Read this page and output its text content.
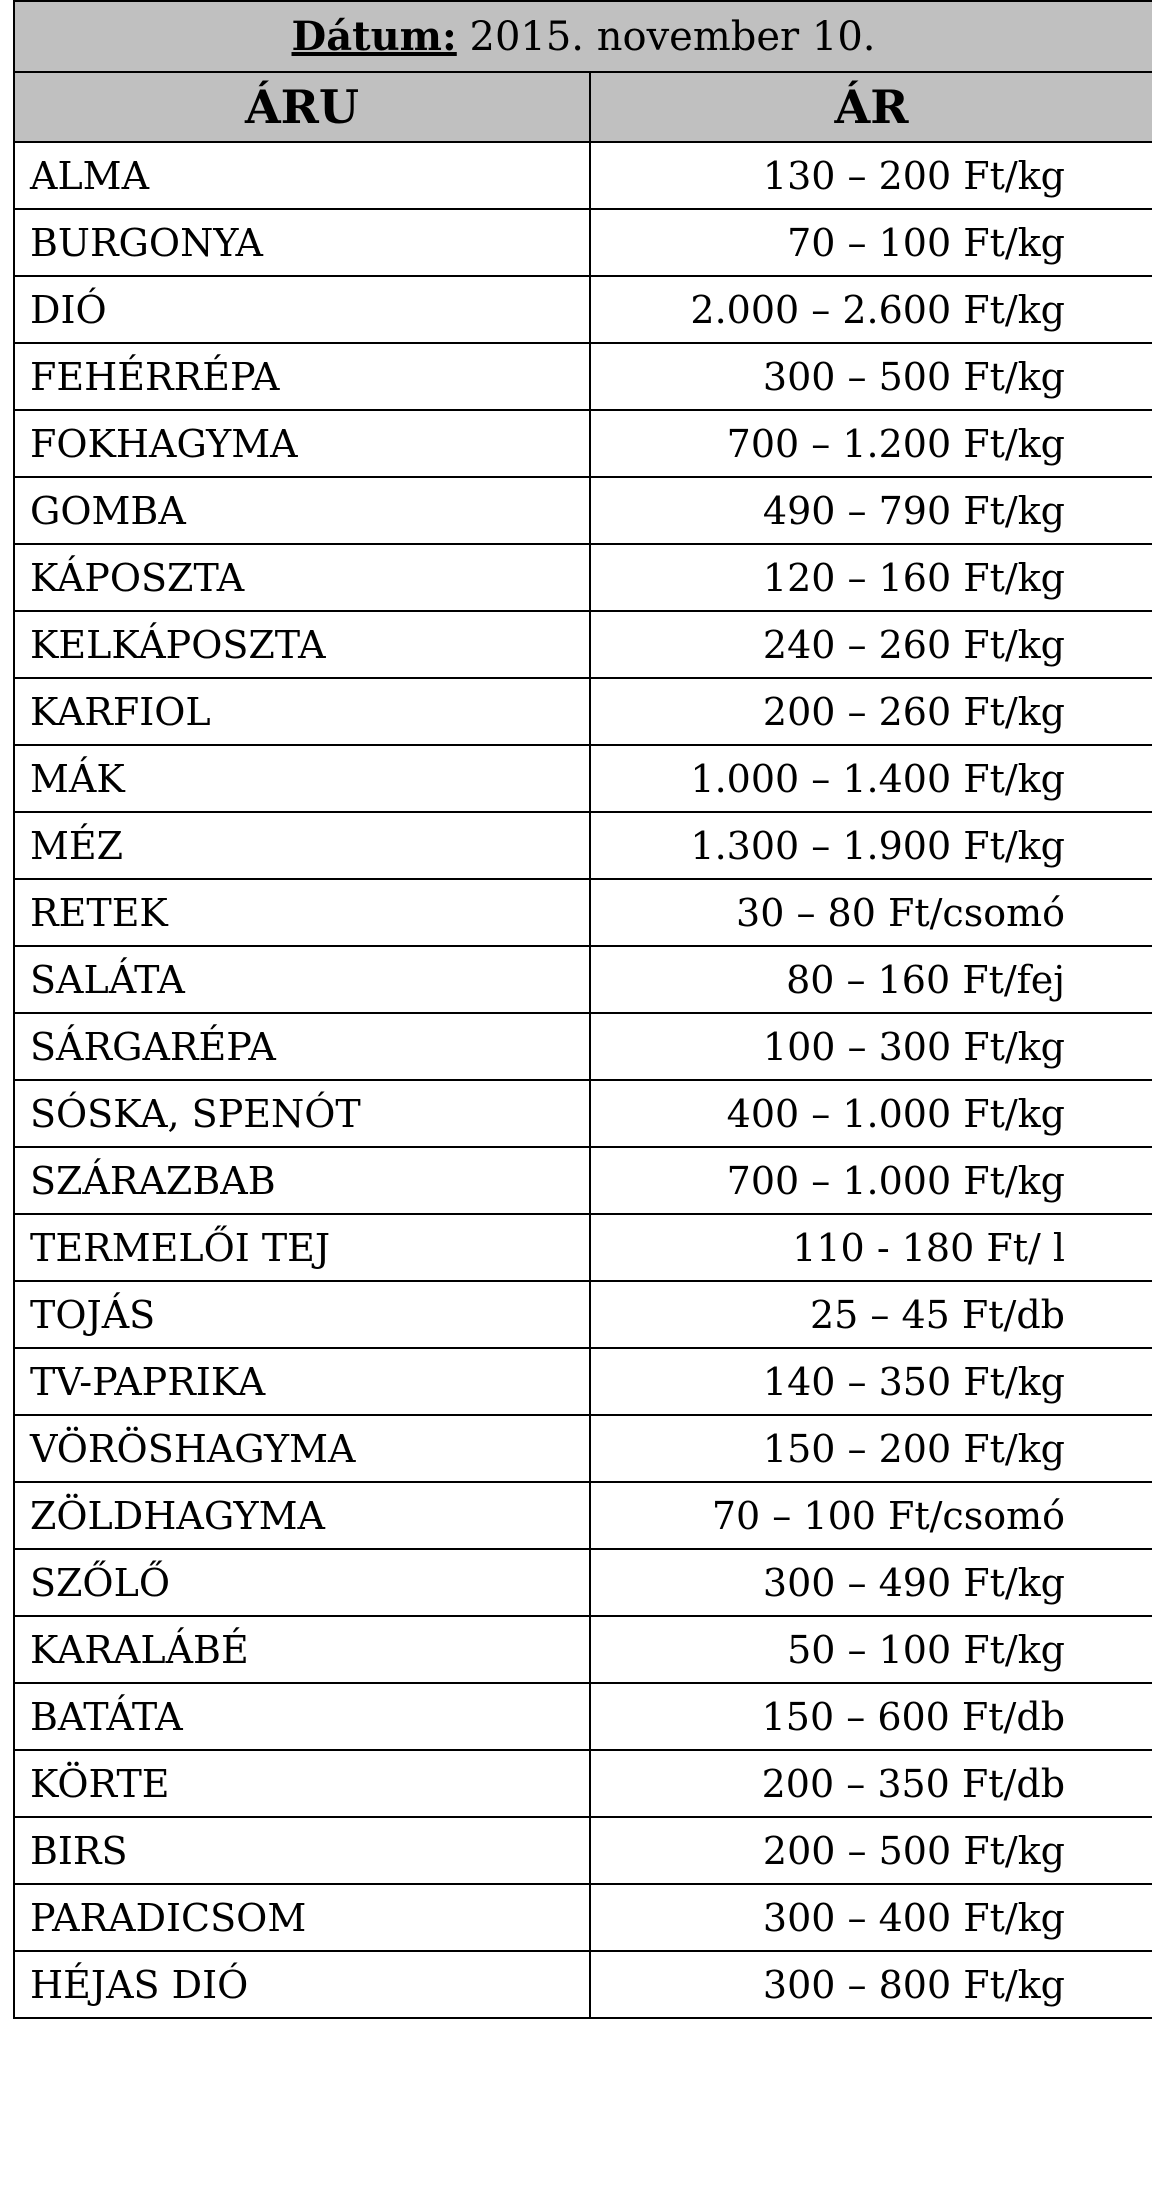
Dátum: 2015. november 10.	
ÁRU	ÁR
ALMA	130 – 200 Ft/kg
BURGONYA	70 – 100 Ft/kg
DIÓ	2.000 – 2.600 Ft/kg
FEHÉRRÉPA	300 – 500 Ft/kg
FOKHAGYMA	700 – 1.200 Ft/kg
GOMBA	490 – 790 Ft/kg
KÁPOSZTA	120 – 160 Ft/kg
KELKÁPOSZTA	240 – 260 Ft/kg
KARFIOL	200 – 260 Ft/kg
MÁK	1.000 – 1.400 Ft/kg
MÉZ	1.300 – 1.900 Ft/kg
RETEK	30 – 80 Ft/csomó
SALÁTA	80 – 160 Ft/fej
SÁRGARÉPA	100 – 300 Ft/kg
SÓSKA, SPENÓT	400 – 1.000 Ft/kg
SZÁRAZBAB	700 – 1.000 Ft/kg
TERMELŐI TEJ	110 - 180 Ft/ l
TOJÁS	25 – 45 Ft/db
TV-PAPRIKA	140 – 350 Ft/kg
VÖRÖSHAGYMA	150 – 200 Ft/kg
ZÖLDHAGYMA	70 – 100 Ft/csomó
SZŐLŐ	300 – 490 Ft/kg
KARALÁBÉ	50 – 100 Ft/kg
BATÁTA	150 – 600 Ft/db
KÖRTE	200 – 350 Ft/db
BIRS	200 – 500 Ft/kg
PARADICSOM	300 – 400 Ft/kg
HÉJAS DIÓ	300 – 800 Ft/kg
